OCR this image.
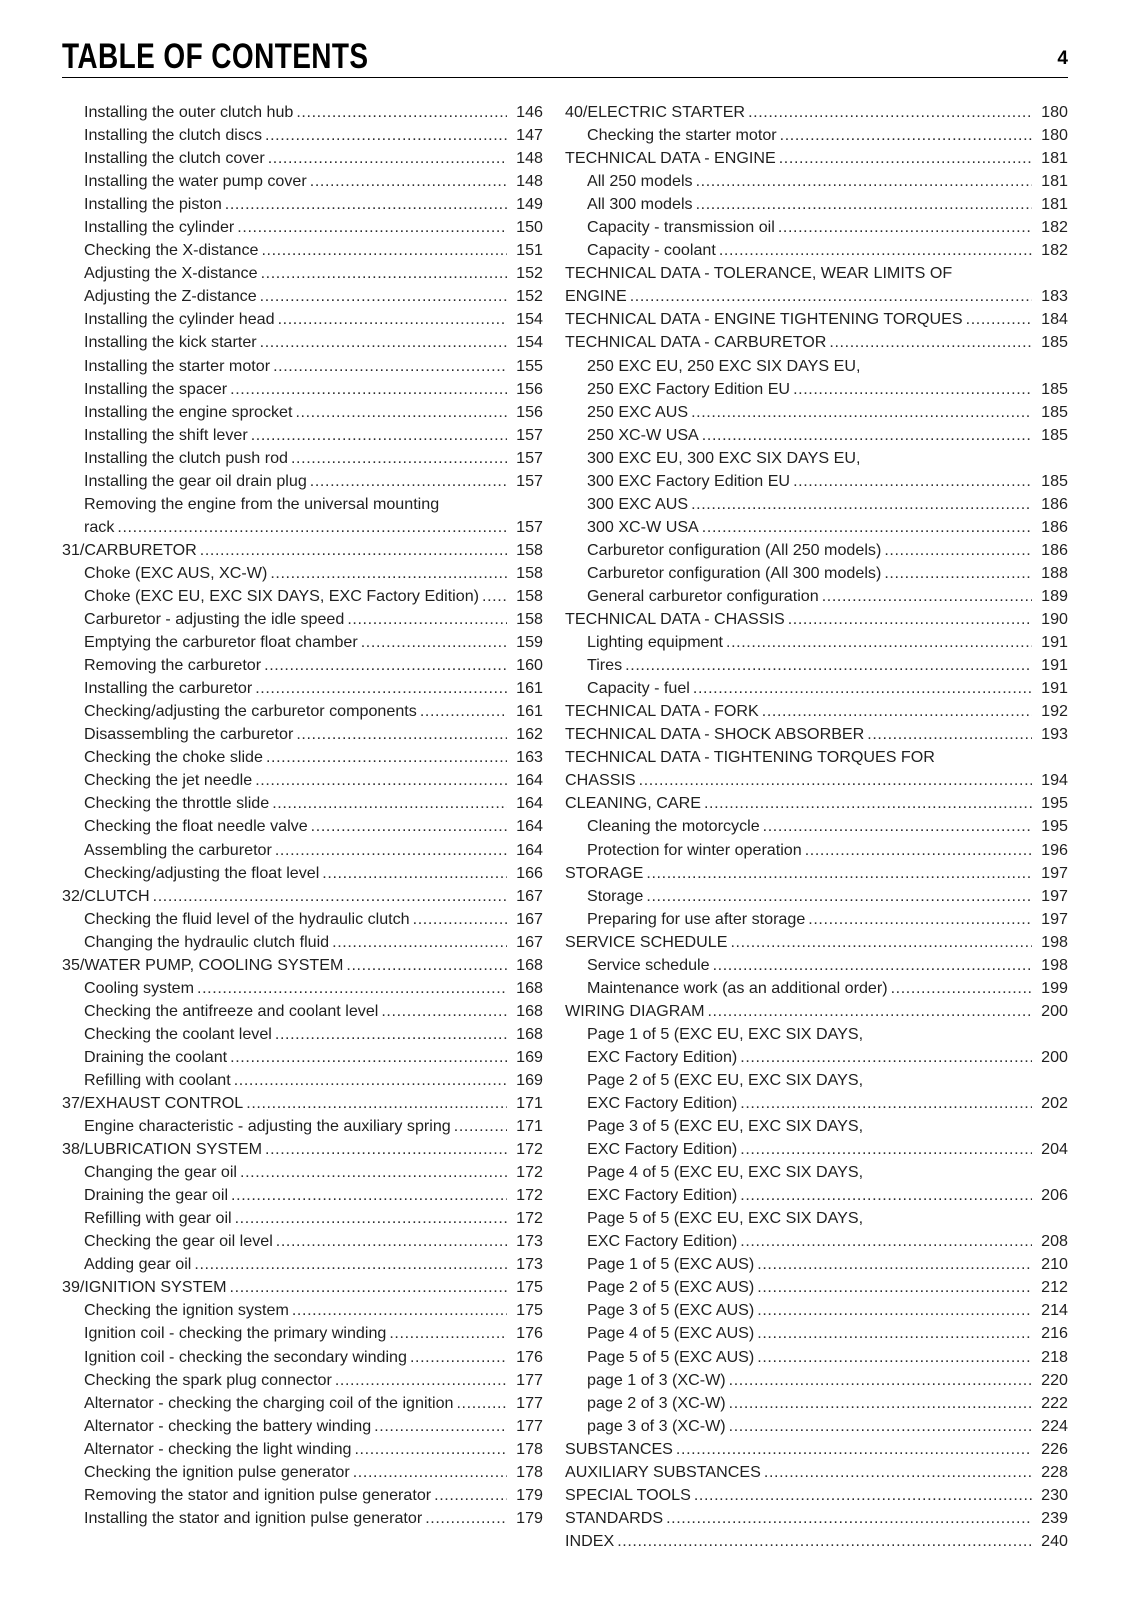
TABLE OF CONTENTS	4
Installing the outer clutch hub .....	146
Installing the clutch discs .....	147
Installing the clutch cover .....	148
Installing the water pump cover .....	148
Installing the piston .....	149
Installing the cylinder .....	150
Checking the X-distance .....	151
Adjusting the X-distance .....	152
Adjusting the Z-distance .....	152
Installing the cylinder head .....	154
Installing the kick starter .....	154
Installing the starter motor .....	155
Installing the spacer .....	156
Installing the engine sprocket .....	156
Installing the shift lever .....	157
Installing the clutch push rod .....	157
Installing the gear oil drain plug .....	157
Removing the engine from the universal mounting
rack .....	157
31/CARBURETOR .....	158
Choke (EXC AUS, XC-W) .....	158
Choke (EXC EU, EXC SIX DAYS, EXC Factory Edition) .....	158
Carburetor - adjusting the idle speed .....	158
Emptying the carburetor float chamber .....	159
Removing the carburetor .....	160
Installing the carburetor .....	161
Checking/adjusting the carburetor components .....	161
Disassembling the carburetor .....	162
Checking the choke slide .....	163
Checking the jet needle .....	164
Checking the throttle slide .....	164
Checking the float needle valve .....	164
Assembling the carburetor .....	164
Checking/adjusting the float level .....	166
32/CLUTCH .....	167
Checking the fluid level of the hydraulic clutch .....	167
Changing the hydraulic clutch fluid .....	167
35/WATER PUMP, COOLING SYSTEM .....	168
Cooling system .....	168
Checking the antifreeze and coolant level .....	168
Checking the coolant level .....	168
Draining the coolant .....	169
Refilling with coolant .....	169
37/EXHAUST CONTROL .....	171
Engine characteristic - adjusting the auxiliary spring .....	171
38/LUBRICATION SYSTEM .....	172
Changing the gear oil .....	172
Draining the gear oil .....	172
Refilling with gear oil .....	172
Checking the gear oil level .....	173
Adding gear oil .....	173
39/IGNITION SYSTEM .....	175
Checking the ignition system .....	175
Ignition coil - checking the primary winding .....	176
Ignition coil - checking the secondary winding .....	176
Checking the spark plug connector .....	177
Alternator - checking the charging coil of the ignition .....	177
Alternator - checking the battery winding .....	177
Alternator - checking the light winding .....	178
Checking the ignition pulse generator .....	178
Removing the stator and ignition pulse generator .....	179
Installing the stator and ignition pulse generator .....	179
40/ELECTRIC STARTER .....	180
Checking the starter motor .....	180
TECHNICAL DATA - ENGINE .....	181
All 250 models .....	181
All 300 models .....	181
Capacity - transmission oil .....	182
Capacity - coolant .....	182
TECHNICAL DATA - TOLERANCE, WEAR LIMITS OF
ENGINE .....	183
TECHNICAL DATA - ENGINE TIGHTENING TORQUES .....	184
TECHNICAL DATA - CARBURETOR .....	185
250 EXC EU, 250 EXC SIX DAYS EU,
250 EXC Factory Edition EU .....	185
250 EXC AUS .....	185
250 XC-W USA .....	185
300 EXC EU, 300 EXC SIX DAYS EU,
300 EXC Factory Edition EU .....	185
300 EXC AUS .....	186
300 XC-W USA .....	186
Carburetor configuration (All 250 models) .....	186
Carburetor configuration (All 300 models) .....	188
General carburetor configuration .....	189
TECHNICAL DATA - CHASSIS .....	190
Lighting equipment .....	191
Tires .....	191
Capacity - fuel .....	191
TECHNICAL DATA - FORK .....	192
TECHNICAL DATA - SHOCK ABSORBER .....	193
TECHNICAL DATA - TIGHTENING TORQUES FOR
CHASSIS .....	194
CLEANING, CARE .....	195
Cleaning the motorcycle .....	195
Protection for winter operation .....	196
STORAGE .....	197
Storage .....	197
Preparing for use after storage .....	197
SERVICE SCHEDULE .....	198
Service schedule .....	198
Maintenance work (as an additional order) .....	199
WIRING DIAGRAM .....	200
Page 1 of 5 (EXC EU, EXC SIX DAYS,
EXC Factory Edition) .....	200
Page 2 of 5 (EXC EU, EXC SIX DAYS,
EXC Factory Edition) .....	202
Page 3 of 5 (EXC EU, EXC SIX DAYS,
EXC Factory Edition) .....	204
Page 4 of 5 (EXC EU, EXC SIX DAYS,
EXC Factory Edition) .....	206
Page 5 of 5 (EXC EU, EXC SIX DAYS,
EXC Factory Edition) .....	208
Page 1 of 5 (EXC AUS) .....	210
Page 2 of 5 (EXC AUS) .....	212
Page 3 of 5 (EXC AUS) .....	214
Page 4 of 5 (EXC AUS) .....	216
Page 5 of 5 (EXC AUS) .....	218
page 1 of 3 (XC-W) .....	220
page 2 of 3 (XC-W) .....	222
page 3 of 3 (XC-W) .....	224
SUBSTANCES .....	226
AUXILIARY SUBSTANCES .....	228
SPECIAL TOOLS .....	230
STANDARDS .....	239
INDEX .....	240
